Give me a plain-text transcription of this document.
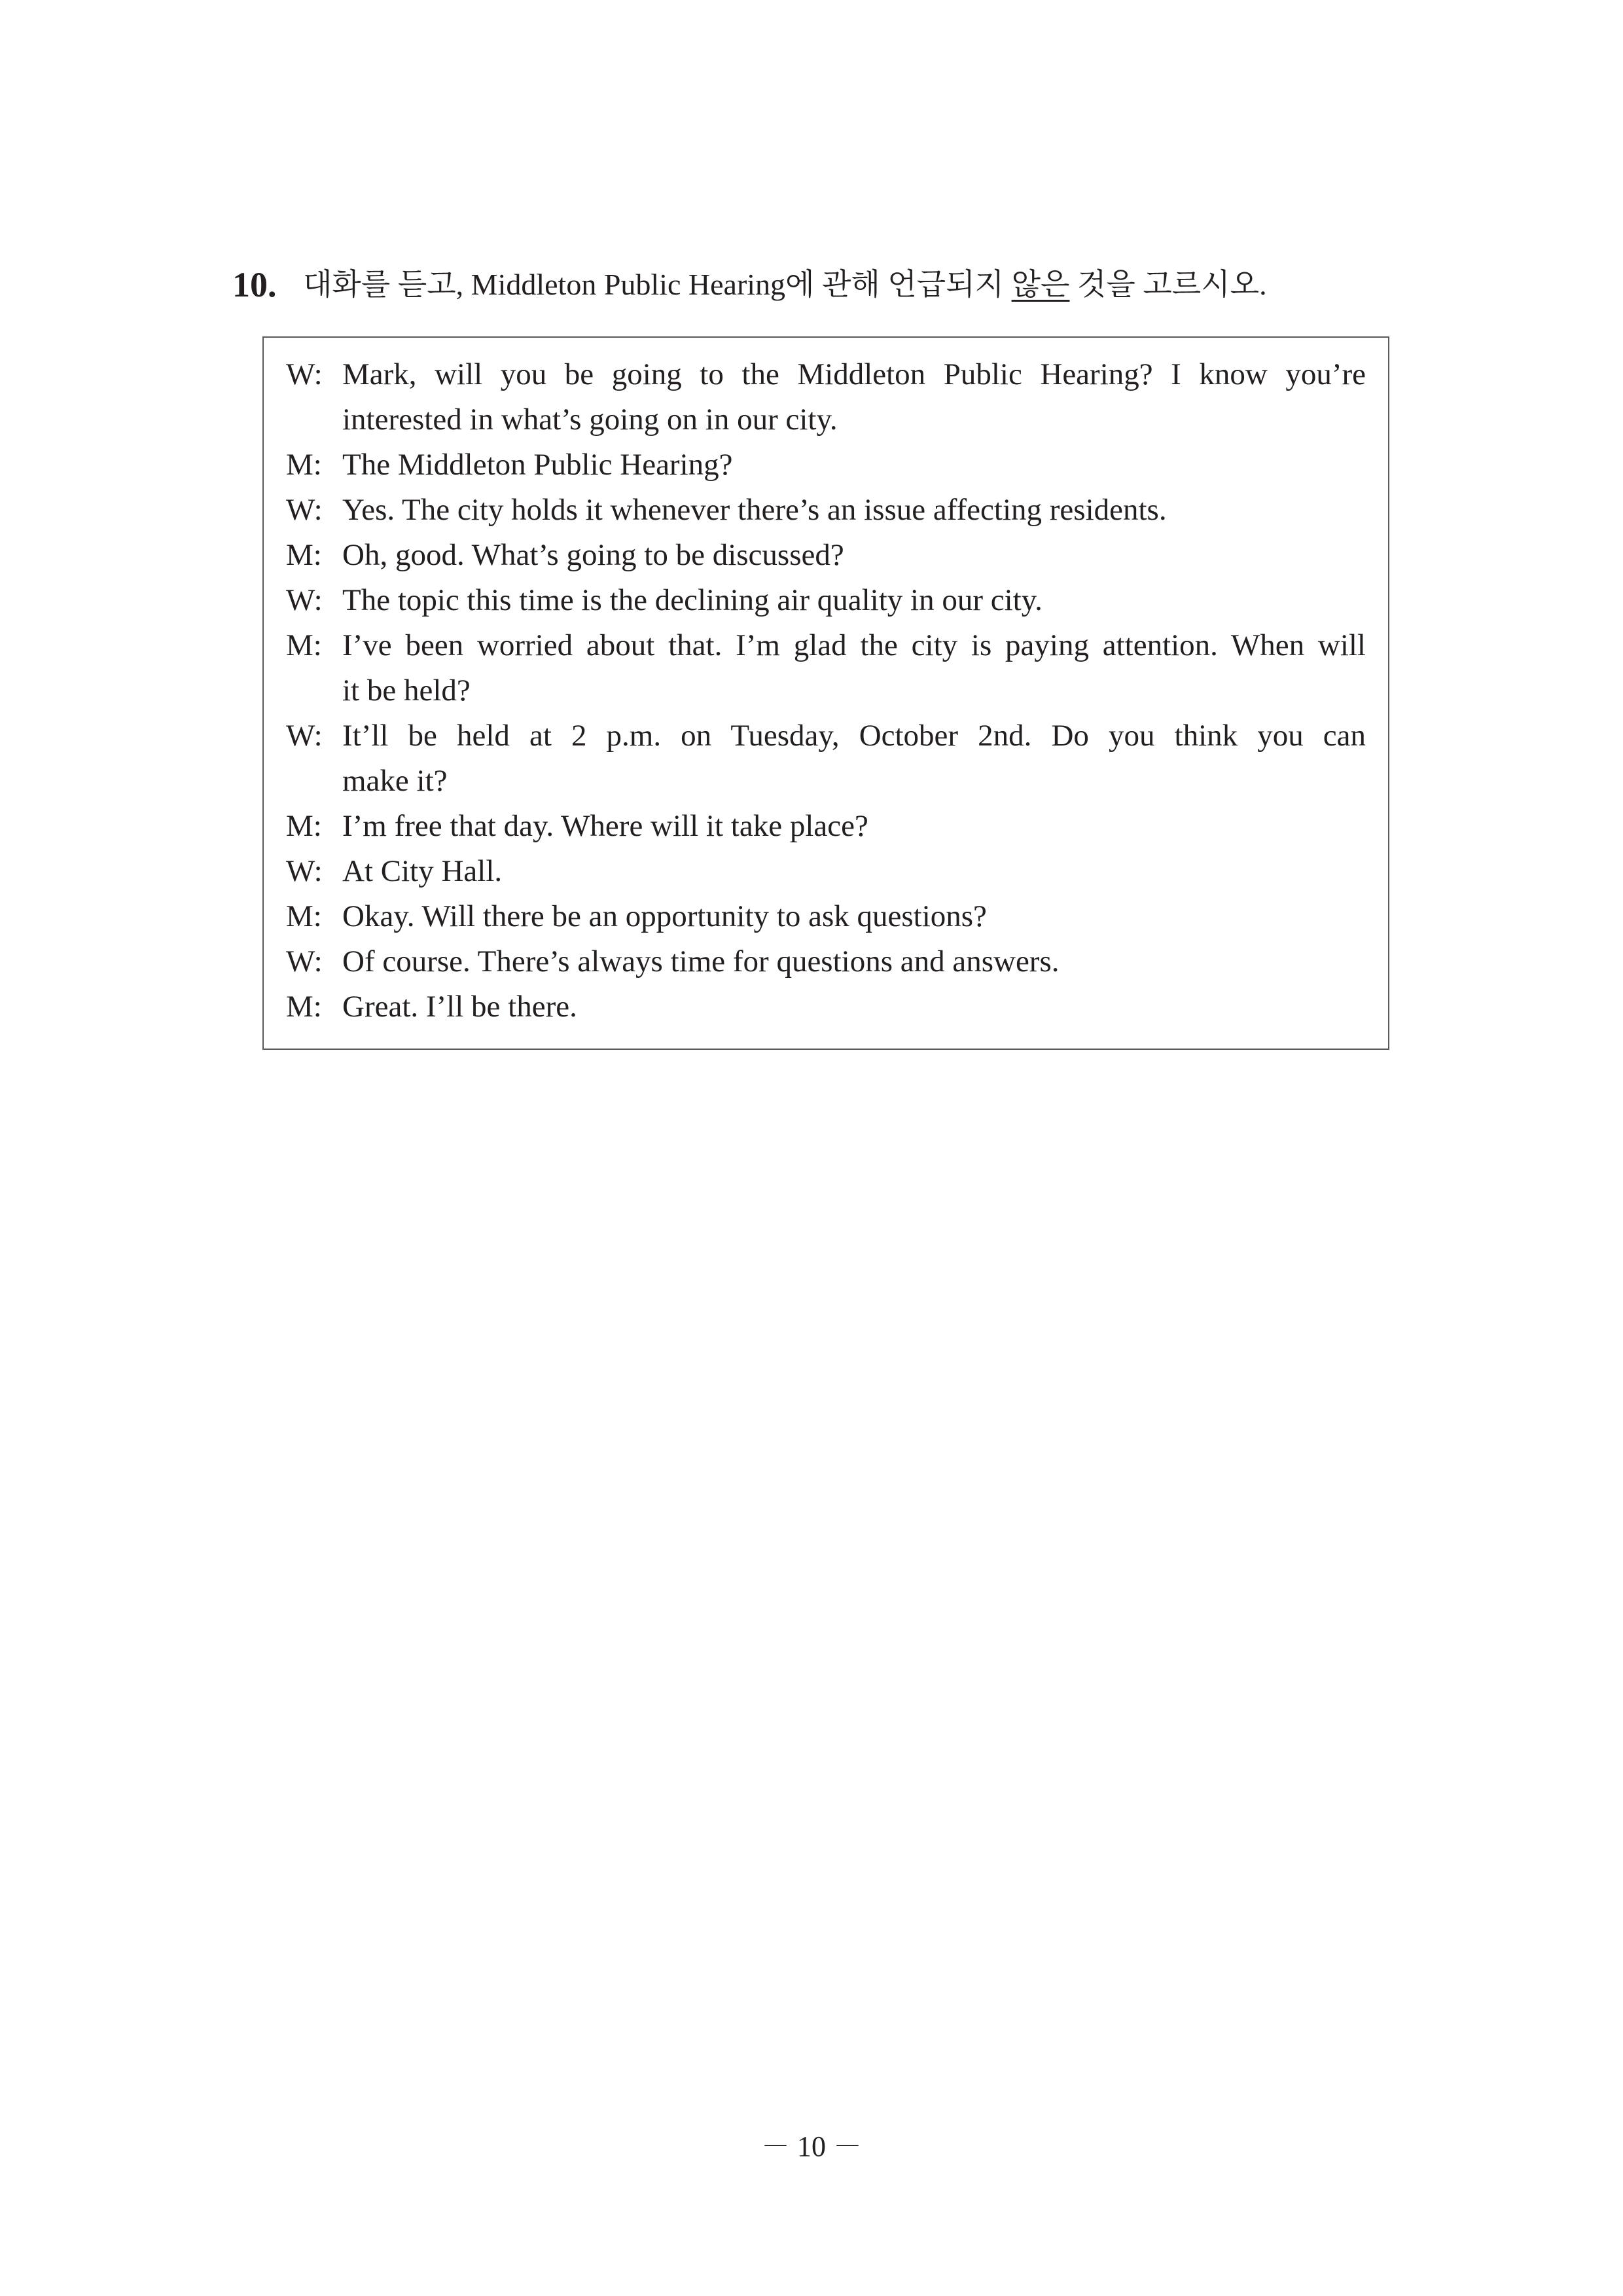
10. 대화를 듣고, Middleton Public Hearing에 관해 언급되지 않은 것을 고르시오.
W: Mark, will you be going to the Middleton Public Hearing? I know you’re
interested in what’s going on in our city.
M: The Middleton Public Hearing?
W: Yes. The city holds it whenever there’s an issue affecting residents.
M: Oh, good. What’s going to be discussed?
W: The topic this time is the declining air quality in our city.
M: I’ve been worried about that. I’m glad the city is paying attention. When will
it be held?
W: It’ll be held at 2 p.m. on Tuesday, October 2nd. Do you think you can
make it?
M: I’m free that day. Where will it take place?
W: At City Hall.
M: Okay. Will there be an opportunity to ask questions?
W: Of course. There’s always time for questions and answers.
M: Great. I’ll be there.
－ 10 －
